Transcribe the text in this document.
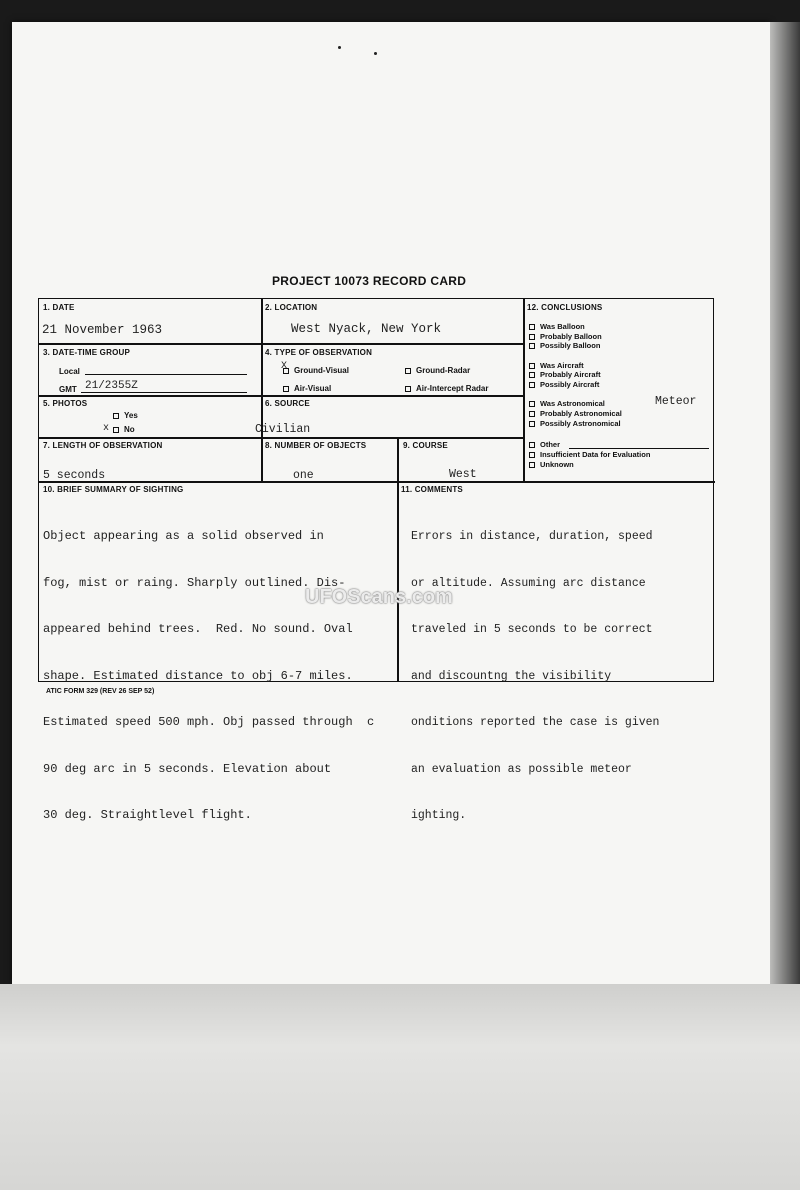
PROJECT 10073 RECORD CARD
1. DATE
21 November 1963
2. LOCATION
West Nyack, New York
3. DATE-TIME GROUP
Local
GMT 21/2355Z
4. TYPE OF OBSERVATION
Ground-Visual
X	Ground-Radar
Air-Visual	Air-Intercept Radar
5. PHOTOS
Yes
No
x
6. SOURCE
Civilian
7. LENGTH OF OBSERVATION
5 seconds
8. NUMBER OF OBJECTS
one
9. COURSE
West
12. CONCLUSIONS
Was Balloon
Probably Balloon
Possibly Balloon
Was Aircraft
Probably Aircraft
Possibly Aircraft
Was Astronomical
Probably Astronomical
Possibly Astronomical
Other
Insufficient Data for Evaluation
Unknown
Meteor
10. BRIEF SUMMARY OF SIGHTING

Object appearing as a solid observed in

fog, mist or raing. Sharply outlined. Dis-

appeared behind trees.  Red. No sound. Oval

shape. Estimated distance to obj 6-7 miles.

Estimated speed 500 mph. Obj passed through  c

90 deg arc in 5 seconds. Elevation about

30 deg. Straightlevel flight.

11. COMMENTS

Errors in distance, duration, speed

or altitude. Assuming arc distance

traveled in 5 seconds to be correct

and discountng the visibility

onditions reported the case is given

an evaluation as possible meteor

ighting.

UFOScans.com
ATIC FORM 329 (REV 26 SEP 52)
